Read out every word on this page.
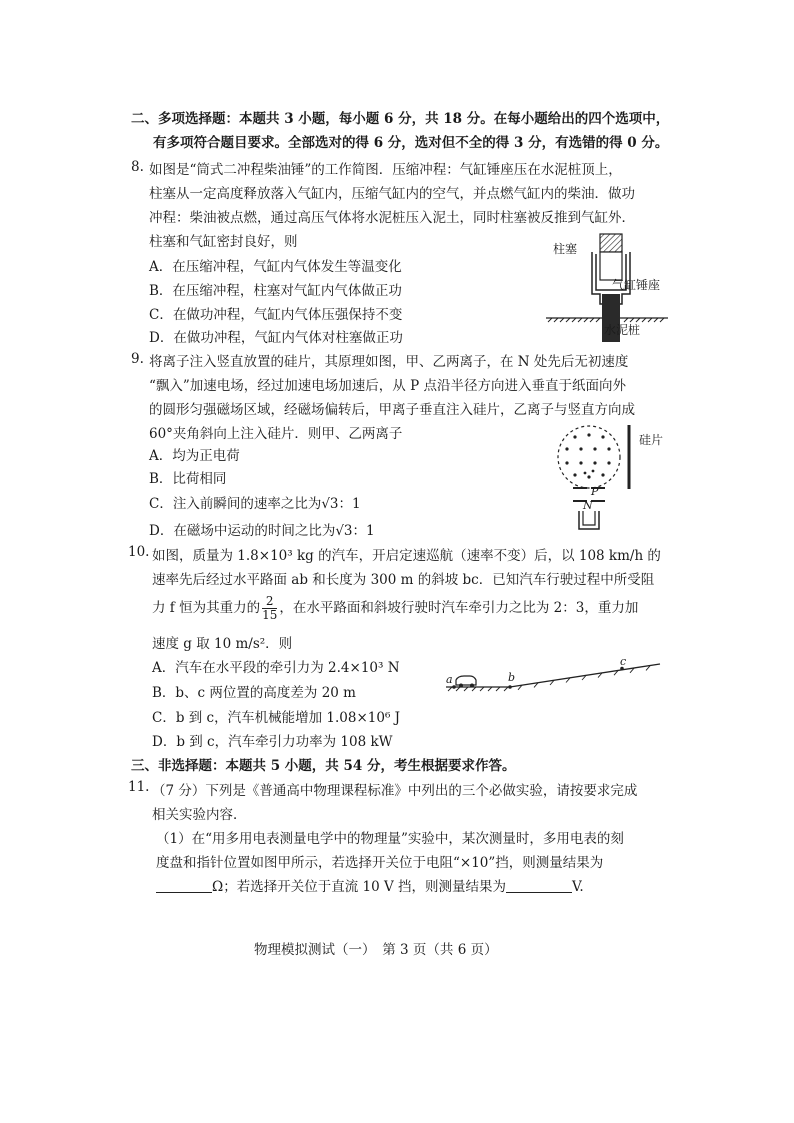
二、多项选择题：本题共 3 小题，每小题 6 分，共 18 分。在每小题给出的四个选项中，
有多项符合题目要求。全部选对的得 6 分，选对但不全的得 3 分，有选错的得 0 分。
8. 如图是“筒式二冲程柴油锤”的工作简图．压缩冲程：气缸锤座压在水泥桩顶上，
柱塞从一定高度释放落入气缸内，压缩气缸内的空气，并点燃气缸内的柴油．做功
冲程：柴油被点燃，通过高压气体将水泥桩压入泥土，同时柱塞被反推到气缸外．
柱塞和气缸密封良好，则
A．在压缩冲程，气缸内气体发生等温变化
B．在压缩冲程，柱塞对气缸内气体做正功
C．在做功冲程，气缸内气体压强保持不变
D．在做功冲程，气缸内气体对柱塞做正功
柱塞
气缸锤座
水泥桩
9. 将离子注入竖直放置的硅片，其原理如图，甲、乙两离子，在 N 处先后无初速度
“飘入”加速电场，经过加速电场加速后，从 P 点沿半径方向进入垂直于纸面向外
的圆形匀强磁场区域，经磁场偏转后，甲离子垂直注入硅片，乙离子与竖直方向成
60°夹角斜向上注入硅片．则甲、乙两离子
A．均为正电荷
B．比荷相同
C．注入前瞬间的速率之比为√3：1
D．在磁场中运动的时间之比为√3：1
硅片
P
N
10. 如图，质量为 1.8×10³ kg 的汽车，开启定速巡航（速率不变）后，以 108 km/h 的
速率先后经过水平路面 ab 和长度为 300 m 的斜坡 bc．已知汽车行驶过程中所受阻
力 f 恒为其重力的 $\frac{2}{15}$ ，在水平路面和斜坡行驶时汽车牵引力之比为 2：3，重力加
速度 g 取 10 m/s²．则
A．汽车在水平段的牵引力为 2.4×10³ N
B．b、c 两位置的高度差为 20 m
C．b 到 c，汽车机械能增加 1.08×10⁶ J
D．b 到 c，汽车牵引力功率为 108 kW
a	b
c
三、非选择题：本题共 5 小题，共 54 分，考生根据要求作答。
11. （7 分）下列是《普通高中物理课程标准》中列出的三个必做实验，请按要求完成
相关实验内容．
（1）在“用多用电表测量电学中的物理量”实验中，某次测量时，多用电表的刻
度盘和指针位置如图甲所示，若选择开关位于电阻“×10”挡，则测量结果为
Ω；若选择开关位于直流 10 V 挡，则测量结果为	V.
物理模拟测试（一）　第 3 页（共 6 页）
